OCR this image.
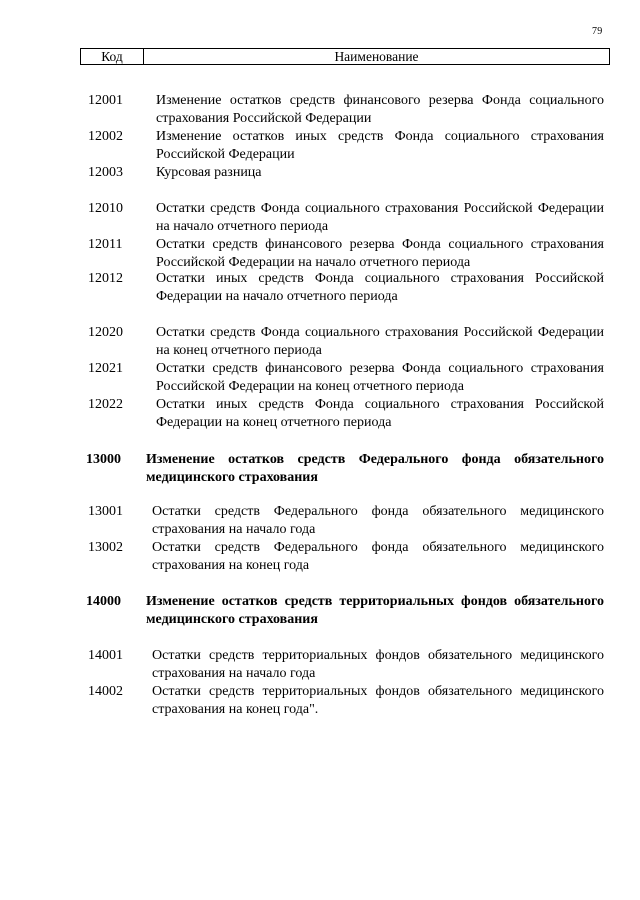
79
Код	Наименование
12001 Изменение остатков средств финансового резерва Фонда социального страхования Российской Федерации
12002 Изменение остатков иных средств Фонда социального страхования Российской Федерации
12003 Курсовая разница
12010 Остатки средств Фонда социального страхования Российской Федерации на начало отчетного периода
12011 Остатки средств финансового резерва Фонда социального страхования Российской Федерации на начало отчетного периода
12012 Остатки иных средств Фонда социального страхования Российской Федерации на начало отчетного периода
12020 Остатки средств Фонда социального страхования Российской Федерации на конец отчетного периода
12021 Остатки средств финансового резерва Фонда социального страхования Российской Федерации на конец отчетного периода
12022 Остатки иных средств Фонда социального страхования Российской Федерации на конец отчетного периода
13000 Изменение остатков средств Федерального фонда обязательного медицинского страхования
13001 Остатки средств Федерального фонда обязательного медицинского страхования на начало года
13002 Остатки средств Федерального фонда обязательного медицинского страхования на конец года
14000 Изменение остатков средств территориальных фондов обязательного медицинского страхования
14001 Остатки средств территориальных фондов обязательного медицинского страхования на начало года
14002 Остатки средств территориальных фондов обязательного медицинского страхования на конец года".
